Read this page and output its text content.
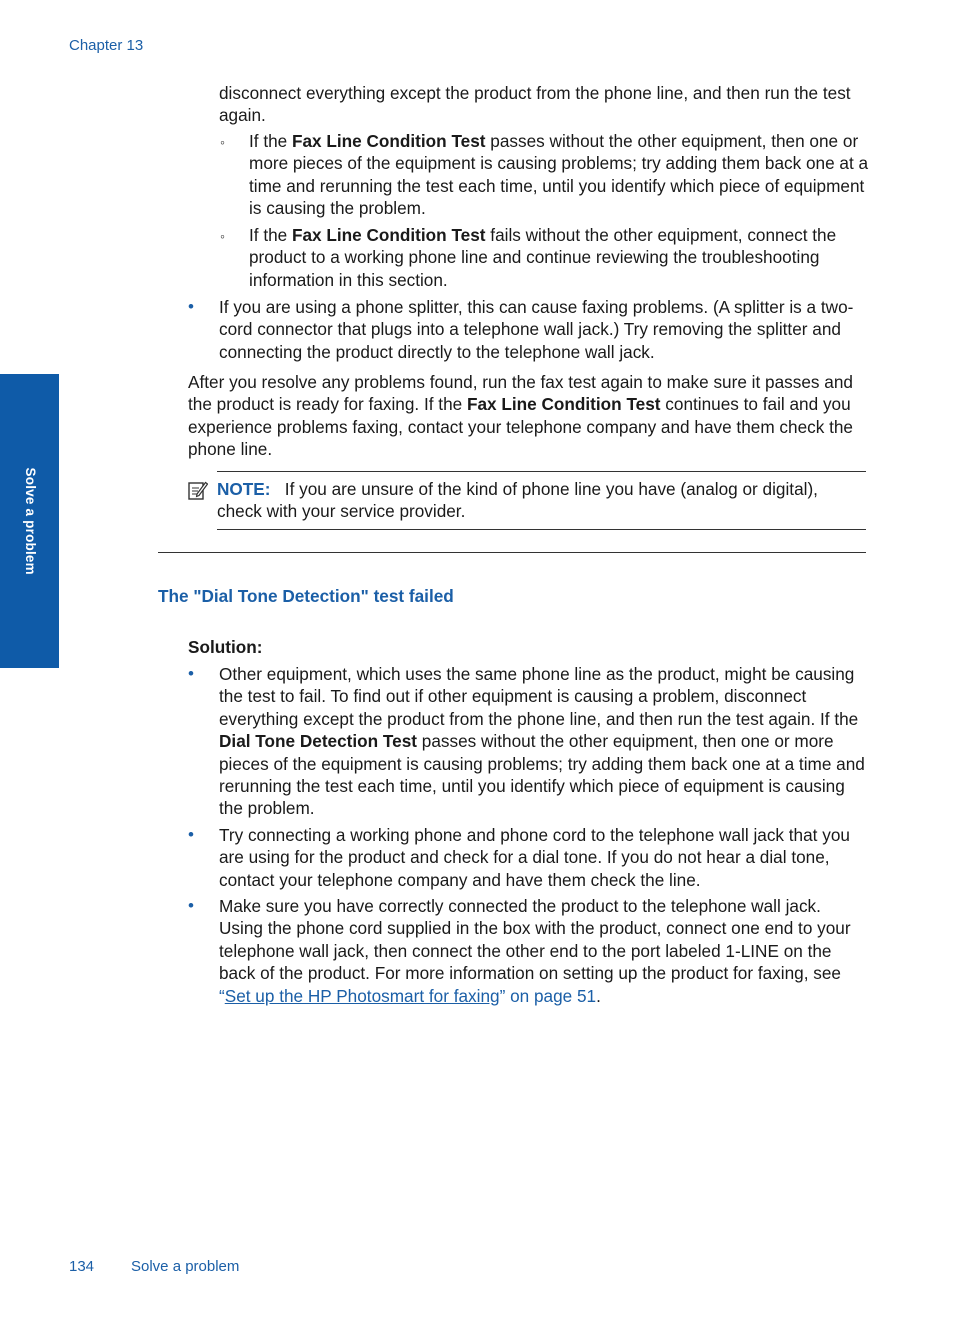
Chapter 13
Solve a problem

disconnect everything except the product from the phone line, and then run the test again.

◦ If the Fax Line Condition Test passes without the other equipment, then one or more pieces of the equipment is causing problems; try adding them back one at a time and rerunning the test each time, until you identify which piece of equipment is causing the problem.
◦ If the Fax Line Condition Test fails without the other equipment, connect the product to a working phone line and continue reviewing the troubleshooting information in this section.
• If you are using a phone splitter, this can cause faxing problems. (A splitter is a two-cord connector that plugs into a telephone wall jack.) Try removing the splitter and connecting the product directly to the telephone wall jack.
After you resolve any problems found, run the fax test again to make sure it passes and the product is ready for faxing. If the Fax Line Condition Test continues to fail and you experience problems faxing, contact your telephone company and have them check the phone line.
NOTE: If you are unsure of the kind of phone line you have (analog or digital), check with your service provider.
The "Dial Tone Detection" test failed
Solution:
• Other equipment, which uses the same phone line as the product, might be causing the test to fail. To find out if other equipment is causing a problem, disconnect everything except the product from the phone line, and then run the test again. If the Dial Tone Detection Test passes without the other equipment, then one or more pieces of the equipment is causing problems; try adding them back one at a time and rerunning the test each time, until you identify which piece of equipment is causing the problem.
• Try connecting a working phone and phone cord to the telephone wall jack that you are using for the product and check for a dial tone. If you do not hear a dial tone, contact your telephone company and have them check the line.
• Make sure you have correctly connected the product to the telephone wall jack. Using the phone cord supplied in the box with the product, connect one end to your telephone wall jack, then connect the other end to the port labeled 1-LINE on the back of the product. For more information on setting up the product for faxing, see “Set up the HP Photosmart for faxing” on page 51.
134 Solve a problem
